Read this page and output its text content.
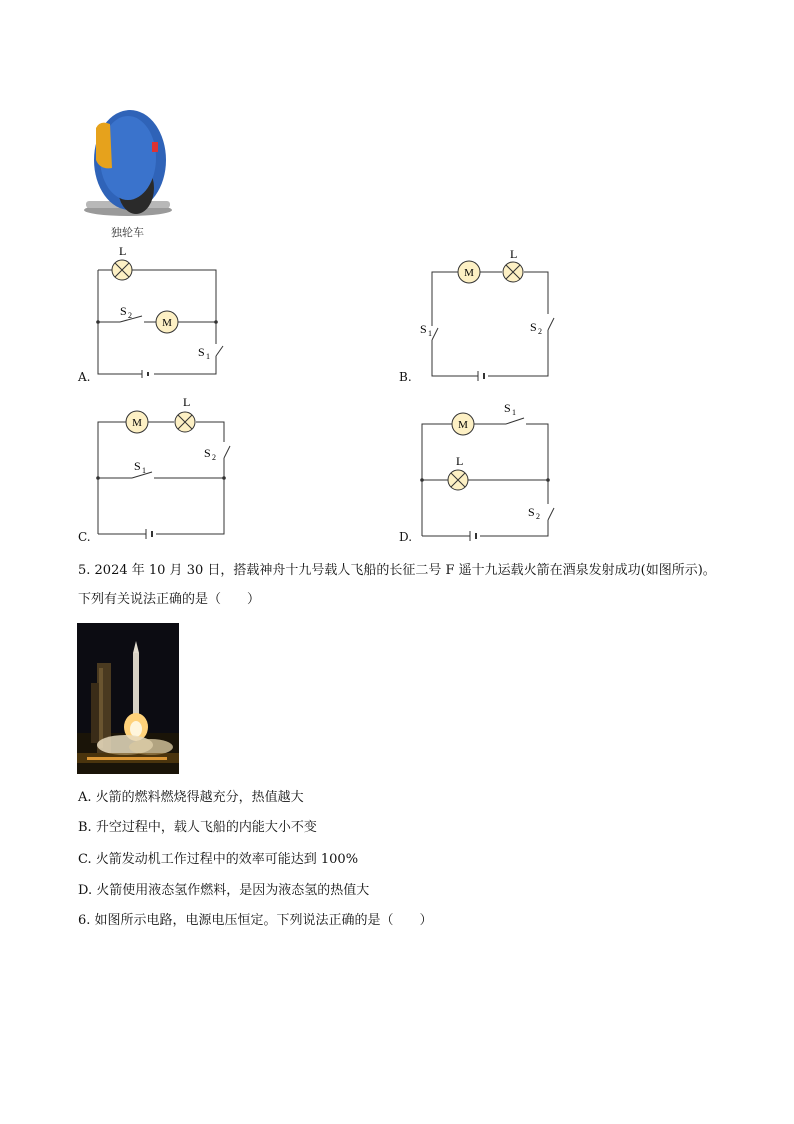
独轮车
A.
M
L
S 2
S 1
B.
M
L
S 1	S 2
C.
M
L
S 2
S 1
D.
M
L
S 1
S 2
5. 2024 年 10 月 30 日，搭载神舟十九号载人飞船的长征二号 F 遥十九运载火箭在酒泉发射成功(如图所示)。
下列有关说法正确的是（　　）
A. 火箭的燃料燃烧得越充分，热值越大
B. 升空过程中，载人飞船的内能大小不变
C. 火箭发动机工作过程中的效率可能达到 100%
D. 火箭使用液态氢作燃料，是因为液态氢的热值大
6. 如图所示电路，电源电压恒定。下列说法正确的是（　　）
